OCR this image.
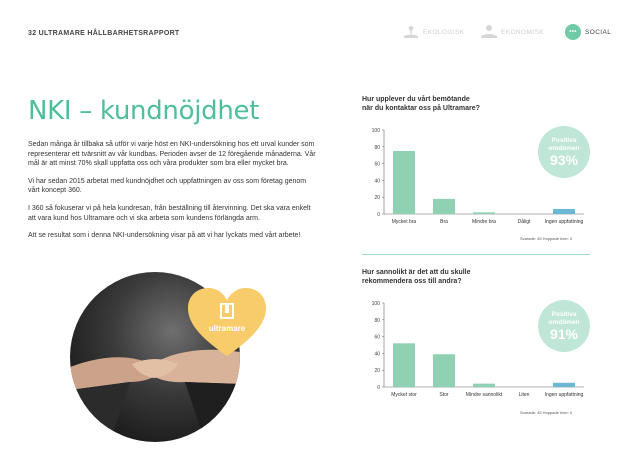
32 ULTRAMARE HÅLLBARHETSRAPPORT	EKOLOGISK	EKONOMISK	•••	SOCIAL
NKI – kundnöjdhet

Sedan många år tillbaka så utför vi varje höst en NKI-undersökning hos ett urval kunder som representerar ett tvärsnitt av vår kundbas. Perioden avser de 12 föregående månaderna. Vår mål är att minst 70% skall uppfatta oss och våra produkter som bra eller mycket bra.

Vi har sedan 2015 arbetat med kundnöjdhet och uppfattningen av oss som företag genom vårt koncept 360.

I 360 så fokuserar vi på hela kundresan, från beställning till återvinning. Det ska vara enkelt att vara kund hos Ultramare och vi ska arbeta som kundens förlängda arm.

Att se resultat som i denna NKI-undersökning visar på att vi har lyckats med vårt arbete!

ultramare
Hur upplever du vårt bemötande
när du kontaktar oss på Ultramare?
0
20
40
60
80
100
Mycket bra	Bra	Mindre bra	Dåligt	Ingen uppfattning
Positiva
omdömen
93%
Svarade: 45 Hoppade över: 0
Hur sannolikt är det att du skulle
rekommendera oss till andra?
0
20
40
60
80
100
Mycket stor	Stor	Mindre sannolikt	Liten	Ingen uppfattning
Positiva
omdömen
91%
Svarade: 45 Hoppade över: 0
